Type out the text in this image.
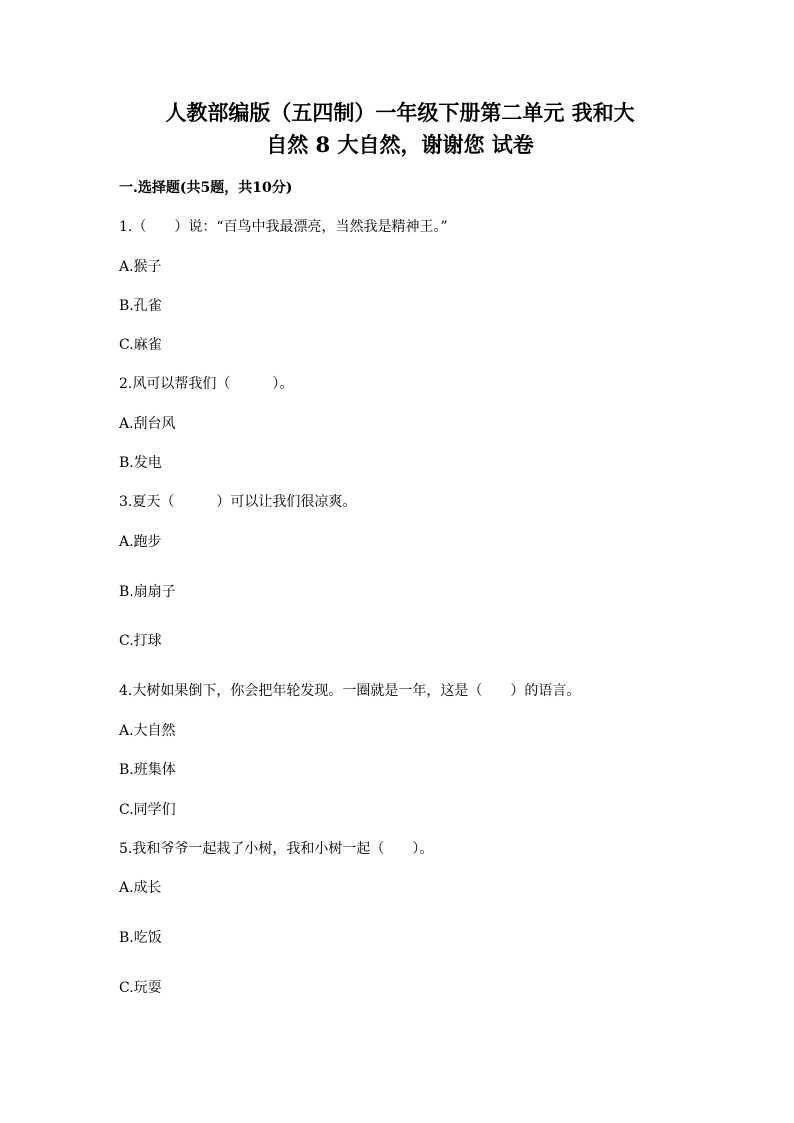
人教部编版（五四制）一年级下册第二单元 我和大
自然 8 大自然，谢谢您 试卷
一.选择题(共5题，共10分)
1.（　　）说：“百鸟中我最漂亮，当然我是精神王。”
A.猴子
B.孔雀
C.麻雀
2.风可以帮我们（　　　）。
A.刮台风
B.发电
3.夏天（　　　）可以让我们很凉爽。
A.跑步
B.扇扇子
C.打球
4.大树如果倒下，你会把年轮发现。一圈就是一年，这是（　　）的语言。
A.大自然
B.班集体
C.同学们
5.我和爷爷一起栽了小树，我和小树一起（　　）。
A.成长
B.吃饭
C.玩耍
